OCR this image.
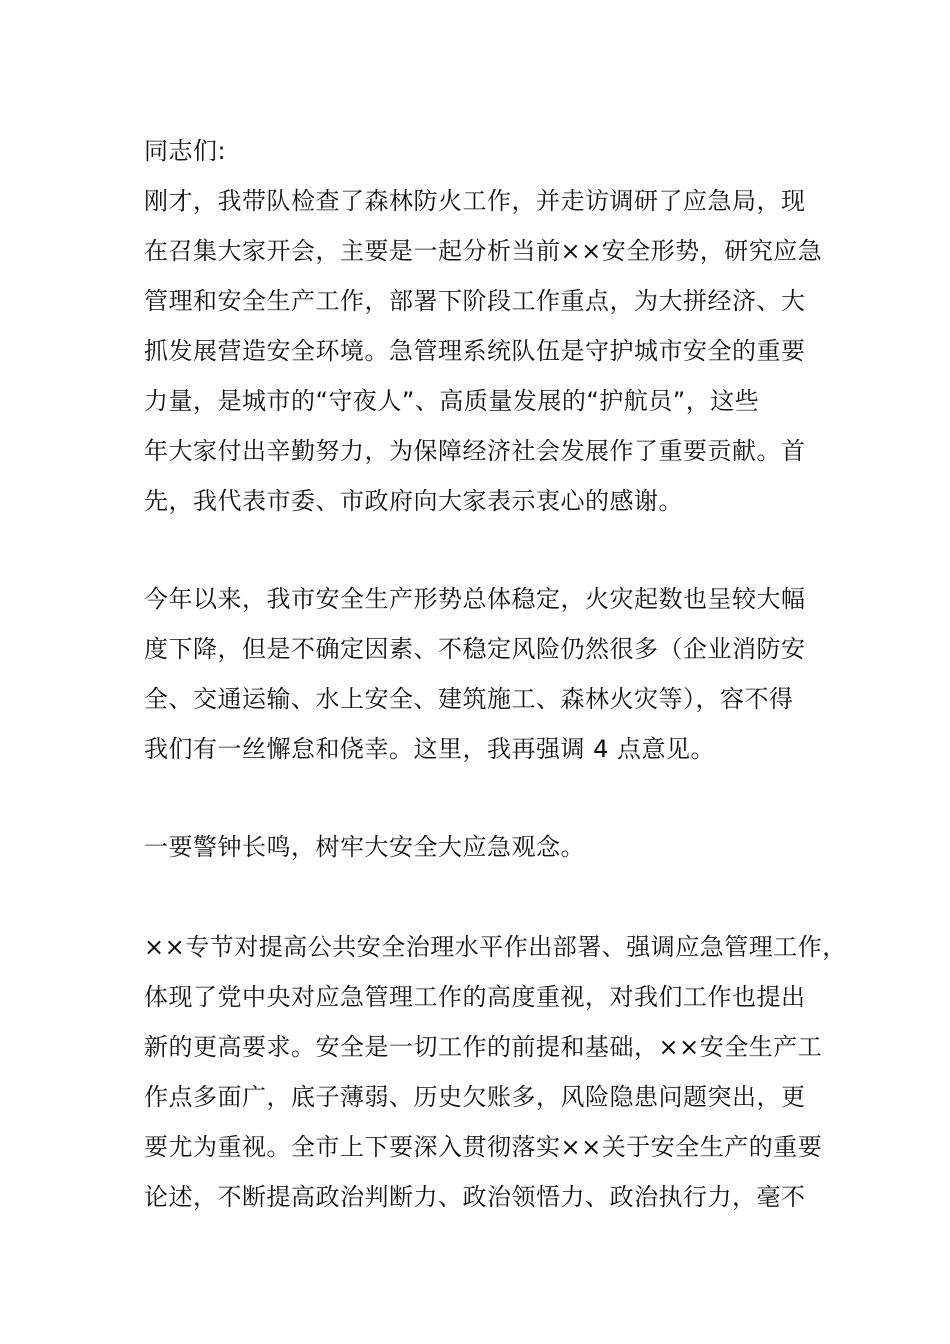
同志们:
刚才，我带队检查了森林防火工作，并走访调研了应急局，现
在召集大家开会，主要是一起分析当前××安全形势，研究应急
管理和安全生产工作，部署下阶段工作重点，为大拼经济、大
抓发展营造安全环境。急管理系统队伍是守护城市安全的重要
力量，是城市的“守夜人”、高质量发展的“护航员”，这些
年大家付出辛勤努力，为保障经济社会发展作了重要贡献。首
先，我代表市委、市政府向大家表示衷心的感谢。
今年以来，我市安全生产形势总体稳定，火灾起数也呈较大幅
度下降，但是不确定因素、不稳定风险仍然很多（企业消防安
全、交通运输、水上安全、建筑施工、森林火灾等），容不得
我们有一丝懈怠和侥幸。这里，我再强调 4 点意见。
一要警钟长鸣，树牢大安全大应急观念。
××专节对提高公共安全治理水平作出部署、强调应急管理工作，
体现了党中央对应急管理工作的高度重视，对我们工作也提出
新的更高要求。安全是一切工作的前提和基础，××安全生产工
作点多面广，底子薄弱、历史欠账多，风险隐患问题突出，更
要尤为重视。全市上下要深入贯彻落实××关于安全生产的重要
论述，不断提高政治判断力、政治领悟力、政治执行力，毫不
